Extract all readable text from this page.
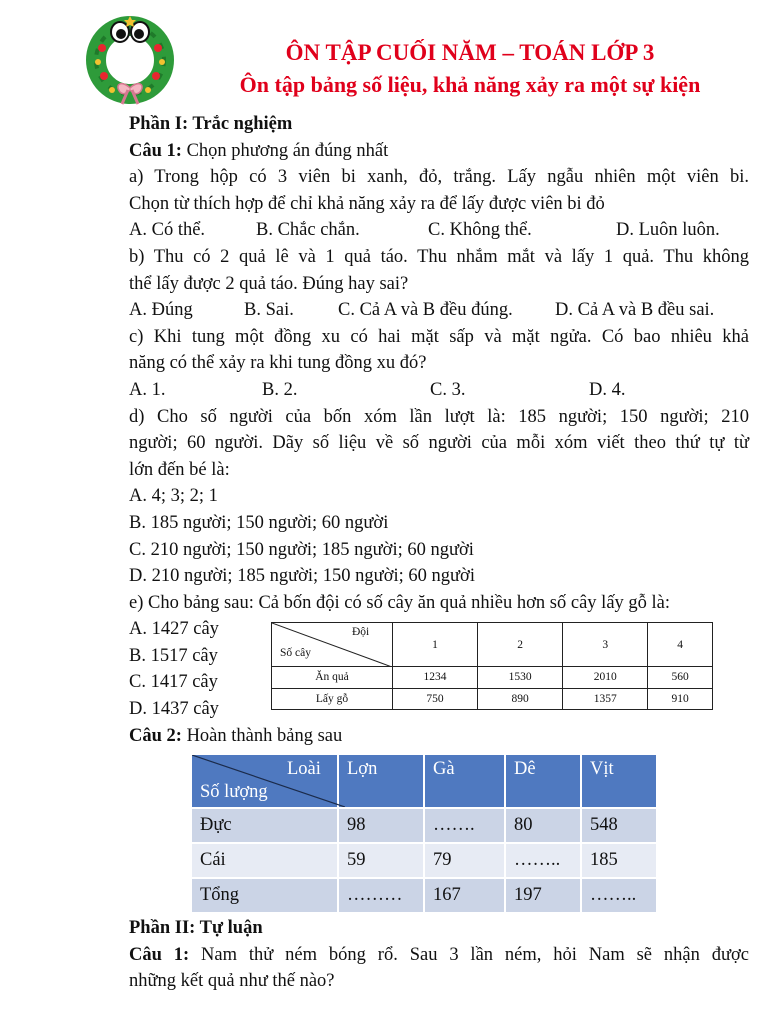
ÔN TẬP CUỐI NĂM – TOÁN LỚP 3
Ôn tập bảng số liệu, khả năng xảy ra một sự kiện
Phần I: Trắc nghiệm
Câu 1: Chọn phương án đúng nhất
a) Trong hộp có 3 viên bi xanh, đỏ, trắng. Lấy ngẫu nhiên một viên bi.
Chọn từ thích hợp để chỉ khả năng xảy ra để lấy được viên bi đỏ
A. Có thể.	B. Chắc chắn.	C. Không thể.	D. Luôn luôn.
b) Thu có 2 quả lê và 1 quả táo. Thu nhắm mắt và lấy 1 quả. Thu không
thể lấy được 2 quả táo. Đúng hay sai?
A. Đúng	B. Sai.	C. Cả A và B đều đúng.	D. Cả A và B đều sai.
c) Khi tung một đồng xu có hai mặt sấp và mặt ngửa. Có bao nhiêu khả
năng có thể xảy ra khi tung đồng xu đó?
A. 1.	B. 2.	C. 3.	D. 4.
d) Cho số người của bốn xóm lần lượt là: 185 người; 150 người; 210
người; 60 người. Dãy số liệu về số người của mỗi xóm viết theo thứ tự từ
lớn đến bé là:
A. 4; 3; 2; 1
B. 185 người; 150 người; 60 người
C. 210 người; 150 người; 185 người; 60 người
D. 210 người; 185 người; 150 người; 60 người
e) Cho bảng sau: Cả bốn đội có số cây ăn quả nhiều hơn số cây lấy gỗ là:
A. 1427 cây
B. 1517 cây
C. 1417 cây
D. 1437 cây
Câu 2: Hoàn thành bảng sau
Đội
Số cây	1	2	3	4
Ăn quả	1234	1530	2010	560
Lấy gỗ	750	890	1357	910
Loài
Số lượng	Lợn	Gà	Dê	Vịt
Đực	98	…….	80	548
Cái	59	79	……..	185
Tổng	………	167	197	……..
Phần II: Tự luận
Câu 1: Nam thử ném bóng rổ. Sau 3 lần ném, hỏi Nam sẽ nhận được
những kết quả như thế nào?
